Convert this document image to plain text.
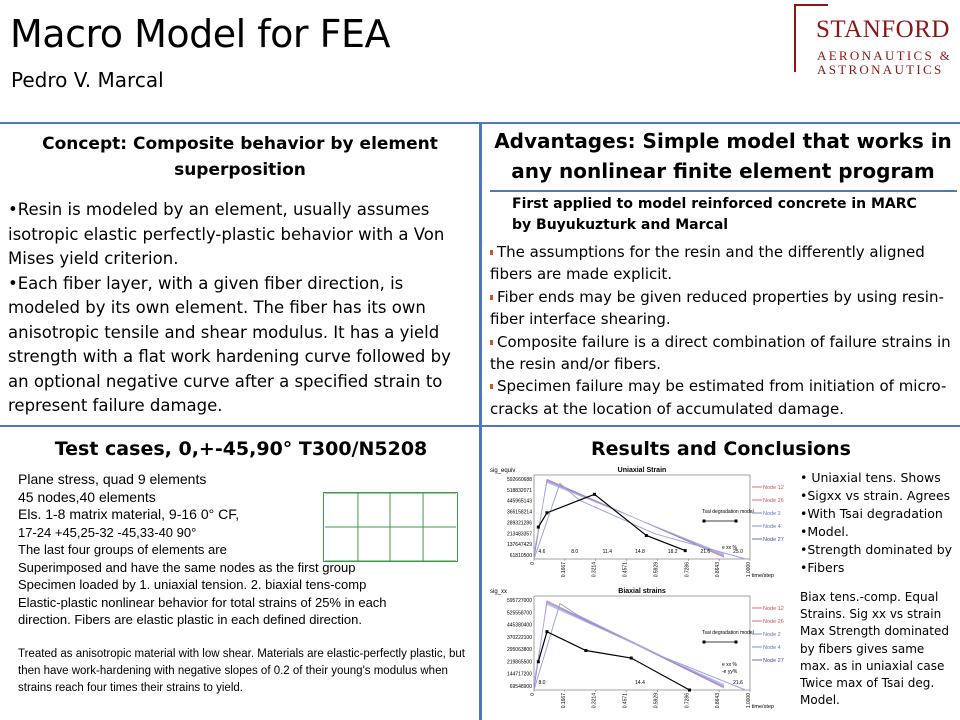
Macro Model for FEA
Pedro V. Marcal
STANFORD
AERONAUTICS &
ASTRONAUTICS
Concept: Composite behavior by element superposition

•Resin is modeled by an element, usually assumes isotropic elastic perfectly-plastic behavior with a Von Mises yield criterion.

•Each fiber layer, with a given fiber direction, is modeled by its own element. The fiber has its own anisotropic tensile and shear modulus. It has a yield strength with a flat work hardening curve followed by an optional negative curve after a specified strain to represent failure damage.

Advantages: Simple model that works in any nonlinear finite element program
First applied to model reinforced concrete in MARC by Buyukuzturk and Marcal
The assumptions for the resin and the differently aligned fibers are made explicit.
Fiber ends may be given reduced properties by using resin-fiber interface shearing.
Composite failure is a direct combination of failure strains in the resin and/or fibers.
Specimen failure may be estimated from initiation of micro-cracks at the location of accumulated damage.
Test cases, 0,+-45,90° T300/N5208
Plane stress, quad 9 elements
45 nodes,40 elements
Els. 1-8 matrix material, 9-16 0° CF,
17-24 +45,25-32 -45,33-40 90°
The last four groups of elements are
Superimposed and have the same nodes as the first group
Specimen loaded by 1. uniaxial tension. 2. biaxial tens-comp
Elastic-plastic nonlinear behavior for total strains of 25% in each
direction. Fibers are elastic plastic in each defined direction.
Treated as anisotropic material with low shear. Materials are elastic-perfectly plastic, but then have work-hardening with negative slopes of 0.2 of their young's modulus when strains reach four times their strains to yield.
Results and Conclusions
sig_equiv	Uniaxial Strain
592660688
518832071
445965143
366158214
289321286
213483357
137647429
61810500
0	0.1667	0.3214	0.4571	0.5929	0.7286	0.8643	1.0000 time/step
4.6	8.0	11.4	14.8	18.2	21.6	25.0
Tsai degradation model
e xx %
Node 12
Node 26
Node 2
Node 4
Node 27
sig_xx	Biaxial strains
595727000
525558700
445380400
370222100
295063800
219865500
144717200
69548900
0	0.1667	0.3214	0.4571	0.5929	0.7286	0.8643	1.0000 time/step
8.0	14.4	21.6
Tsai degradation model
e xx %
-e yy%
Node 12
Node 26
Node 2
Node 4
Node 27
• Uniaxial tens. Shows
•Sigxx vs strain. Agrees
•With Tsai degradation
•Model.
•Strength dominated by
•Fibers
Biax tens.-comp. Equal
Strains. Sig xx vs strain
Max Strength dominated
by fibers gives same
max. as in uniaxial case
Twice max of Tsai deg.
Model.
